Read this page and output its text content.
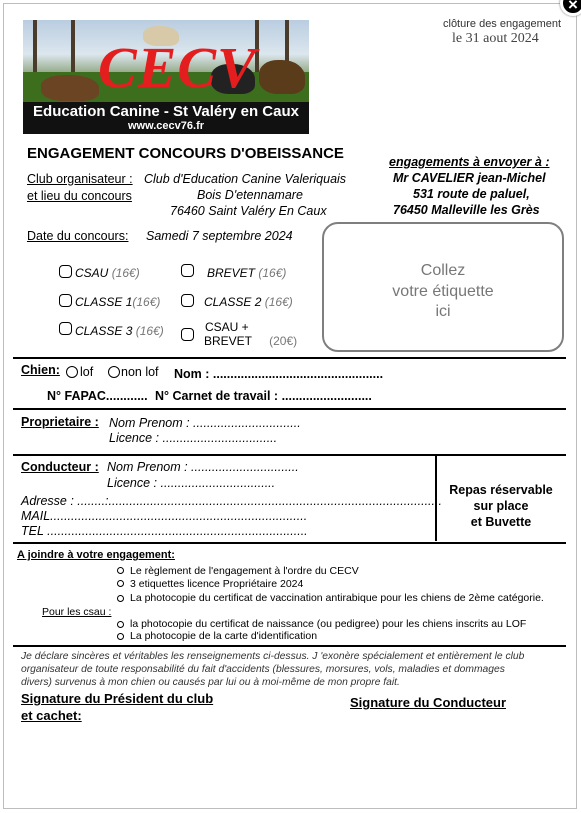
×
CECV
Education Canine - St Valéry en Caux
www.cecv76.fr
clôture des engagement
le 31 aout 2024
ENGAGEMENT CONCOURS D'OBEISSANCE
Club organisateur :
et lieu du concours
Club d'Education Canine Valeriquais
Bois D'etennamare
76460 Saint Valéry En Caux
engagements à envoyer à :
Mr CAVELIER jean-Michel
531 route de paluel,
76450 Malleville les Grès
Date du concours: Samedi 7 septembre 2024
CSAU (16€)	BREVET (16€)
CLASSE 1(16€)	CLASSE 2 (16€)
CLASSE 3 (16€)	CSAU +
BREVET (20€)
Collez
votre étiquette
ici
Chien: lof non lof Nom : .................................................
N° FAPAC............ N° Carnet de travail : ..........................
Proprietaire : Nom Prenom : ...............................
Licence : .................................
Conducteur : Nom Prenom : ...............................
Licence : .................................
Adresse : ........:................................................................................................
MAIL..........................................................................
TEL ...........................................................................
Repas réservable
sur place
et Buvette
A joindre à votre engagement:
Le règlement de l'engagement à l'ordre du CECV
3 etiquettes licence Propriétaire 2024
La photocopie du certificat de vaccination antirabique pour les chiens de 2ème catégorie.
Pour les csau :
la photocopie du certificat de naissance (ou pedigree) pour les chiens inscrits au LOF
La photocopie de la carte d'identification
Je déclare sincères et véritables les renseignements ci-dessus. J 'exonère spécialement et entièrement le club
organisateur de toute responsabilité du fait d'accidents (blessures, morsures, vols, maladies et dommages
divers) survenus à mon chien ou causés par lui ou à moi-même de mon propre fait.
Signature du Président du club
et cachet:
Signature du Conducteur
